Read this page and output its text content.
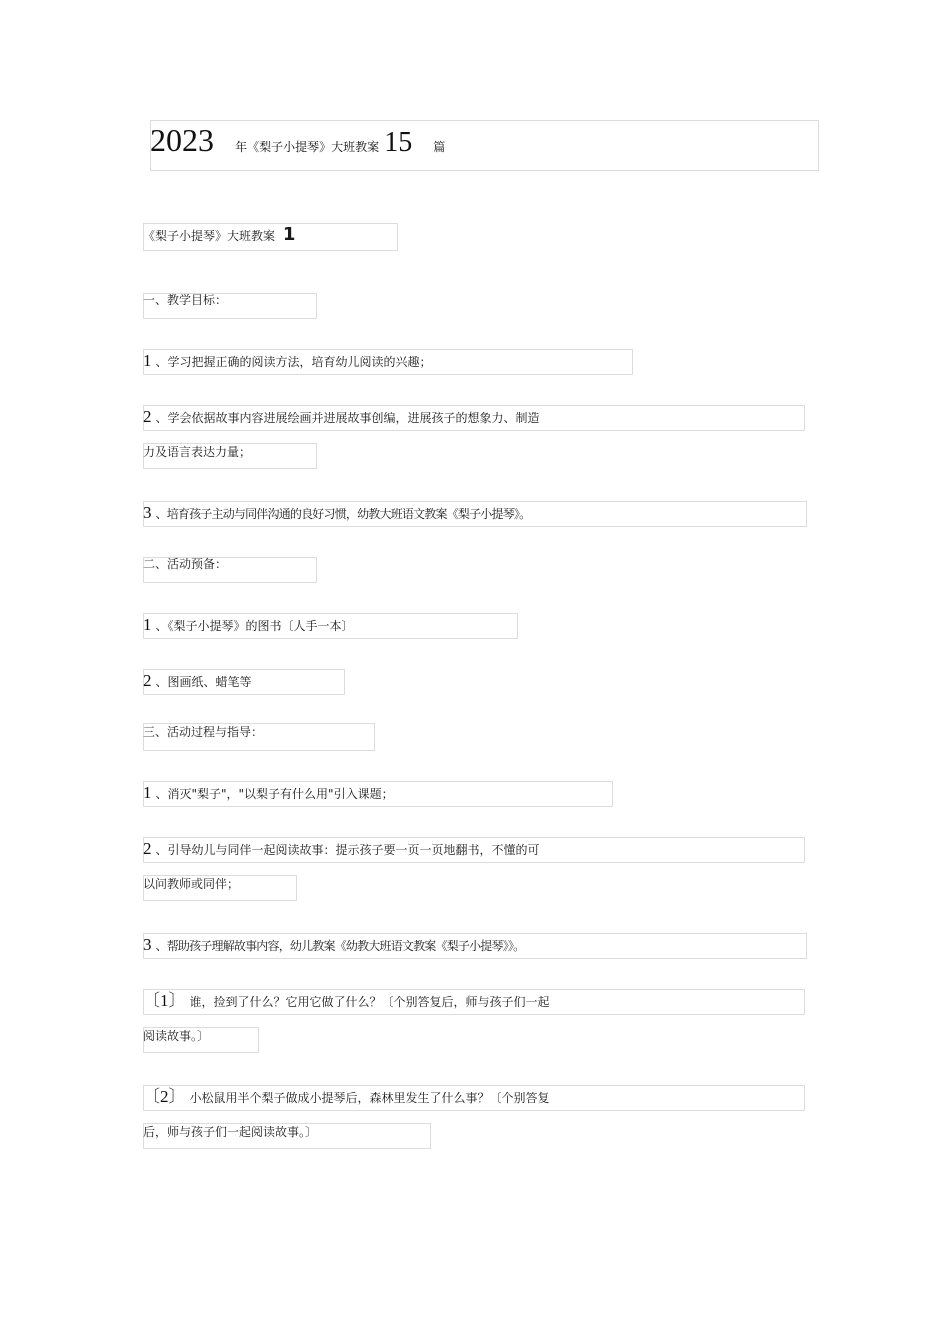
2023 年《梨子小提琴》大班教案 15 篇
《梨子小提琴》大班教案 1
一、教学目标：
1 、学习把握正确的阅读方法，培育幼儿阅读的兴趣；
2 、学会依据故事内容进展绘画并进展故事创编，进展孩子的想象力、制造
力及语言表达力量；
3 、培育孩子主动与同伴沟通的良好习惯，幼教大班语文教案《梨子小提琴》。
二、活动预备：
1 、《梨子小提琴》的图书〔人手一本〕
2 、图画纸、蜡笔等
三、活动过程与指导：
1 、消灭"梨子"，"以梨子有什么用"引入课题；
2 、引导幼儿与同伴一起阅读故事：提示孩子要一页一页地翻书，不懂的可
以问教师或同伴；
3 、帮助孩子理解故事内容，幼儿教案《幼教大班语文教案《梨子小提琴》》。
〔1〕 谁，捡到了什么？它用它做了什么？〔个别答复后，师与孩子们一起
阅读故事。〕
〔2〕 小松鼠用半个梨子做成小提琴后，森林里发生了什么事？〔个别答复
后，师与孩子们一起阅读故事。〕
